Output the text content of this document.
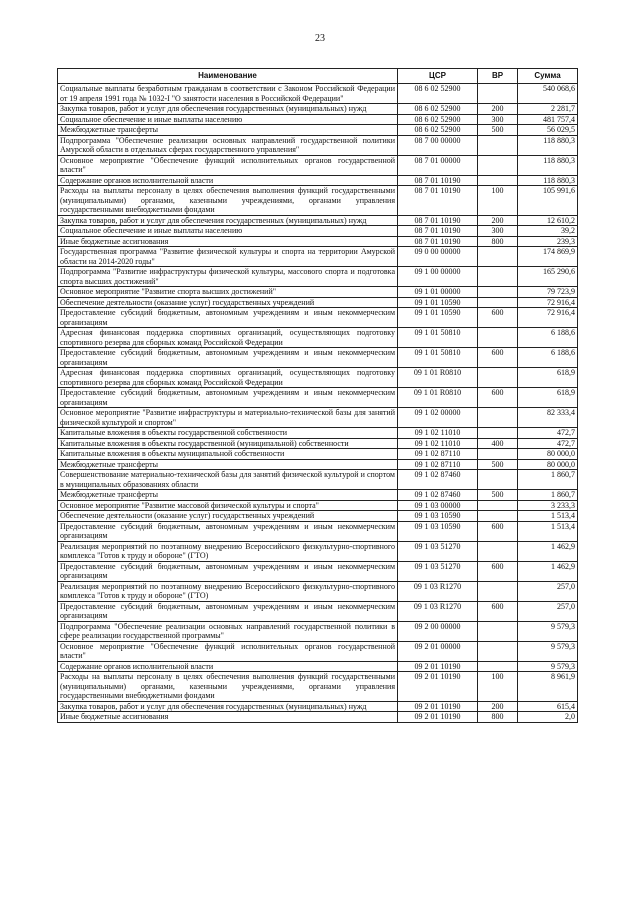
23
Наименование	ЦСР	ВР	Сумма
Социальные выплаты безработным гражданам в соответствии с Законом Российской Федерации от 19 апреля 1991 года № 1032-I "О занятости населения в Российской Федерации"	08 6 02 52900		540 068,6
Закупка товаров, работ и услуг для обеспечения государственных (муниципальных) нужд	08 6 02 52900	200	2 281,7
Социальное обеспечение и иные выплаты населению	08 6 02 52900	300	481 757,4
Межбюджетные трансферты	08 6 02 52900	500	56 029,5
Подпрограмма "Обеспечение реализации основных направлений государственной политики Амурской области в отдельных сферах государственного управления"	08 7 00 00000		118 880,3
Основное мероприятие "Обеспечение функций исполнительных органов государственной власти"	08 7 01 00000		118 880,3
Содержание органов исполнительной власти	08 7 01 10190		118 880,3
Расходы на выплаты персоналу в целях обеспечения выполнения функций государственными (муниципальными) органами, казенными учреждениями, органами управления государственными внебюджетными фондами	08 7 01 10190	100	105 991,6
Закупка товаров, работ и услуг для обеспечения государственных (муниципальных) нужд	08 7 01 10190	200	12 610,2
Социальное обеспечение и иные выплаты населению	08 7 01 10190	300	39,2
Иные бюджетные ассигнования	08 7 01 10190	800	239,3
Государственная программа "Развитие физической культуры и спорта на территории Амурской области на 2014-2020 годы"	09 0 00 00000		174 869,9
Подпрограмма "Развитие инфраструктуры физической культуры, массового спорта и подготовка спорта высших достижений"	09 1 00 00000		165 290,6
Основное мероприятие "Развитие спорта высших достижений"	09 1 01 00000		79 723,9
Обеспечение деятельности (оказание услуг) государственных учреждений	09 1 01 10590		72 916,4
Предоставление субсидий бюджетным, автономным учреждениям и иным некоммерческим организациям	09 1 01 10590	600	72 916,4
Адресная финансовая поддержка спортивных организаций, осуществляющих подготовку спортивного резерва для сборных команд Российской Федерации	09 1 01 50810		6 188,6
Предоставление субсидий бюджетным, автономным учреждениям и иным некоммерческим организациям	09 1 01 50810	600	6 188,6
Адресная финансовая поддержка спортивных организаций, осуществляющих подготовку спортивного резерва для сборных команд Российской Федерации	09 1 01 R0810		618,9
Предоставление субсидий бюджетным, автономным учреждениям и иным некоммерческим организациям	09 1 01 R0810	600	618,9
Основное мероприятие "Развитие инфраструктуры и материально-технической базы для занятий физической культурой и спортом"	09 1 02 00000		82 333,4
Капитальные вложения в объекты государственной собственности	09 1 02 11010		472,7
Капитальные вложения в объекты государственной (муниципальной) собственности	09 1 02 11010	400	472,7
Капитальные вложения в объекты муниципальной собственности	09 1 02 87110		80 000,0
Межбюджетные трансферты	09 1 02 87110	500	80 000,0
Совершенствование материально-технической базы для занятий физической культурой и спортом в муниципальных образованиях области	09 1 02 87460		1 860,7
Межбюджетные трансферты	09 1 02 87460	500	1 860,7
Основное мероприятие "Развитие массовой физической культуры и спорта"	09 1 03 00000		3 233,3
Обеспечение деятельности (оказание услуг) государственных учреждений	09 1 03 10590		1 513,4
Предоставление субсидий бюджетным, автономным учреждениям и иным некоммерческим организациям	09 1 03 10590	600	1 513,4
Реализация мероприятий по поэтапному внедрению Всероссийского физкультурно-спортивного комплекса "Готов к труду и обороне" (ГТО)	09 1 03 51270		1 462,9
Предоставление субсидий бюджетным, автономным учреждениям и иным некоммерческим организациям	09 1 03 51270	600	1 462,9
Реализация мероприятий по поэтапному внедрению Всероссийского физкультурно-спортивного комплекса "Готов к труду и обороне" (ГТО)	09 1 03 R1270		257,0
Предоставление субсидий бюджетным, автономным учреждениям и иным некоммерческим организациям	09 1 03 R1270	600	257,0
Подпрограмма "Обеспечение реализации основных направлений государственной политики в сфере реализации государственной программы"	09 2 00 00000		9 579,3
Основное мероприятие "Обеспечение функций исполнительных органов государственной власти"	09 2 01 00000		9 579,3
Содержание органов исполнительной власти	09 2 01 10190		9 579,3
Расходы на выплаты персоналу в целях обеспечения выполнения функций государственными (муниципальными) органами, казенными учреждениями, органами управления государственными внебюджетными фондами	09 2 01 10190	100	8 961,9
Закупка товаров, работ и услуг для обеспечения государственных (муниципальных) нужд	09 2 01 10190	200	615,4
Иные бюджетные ассигнования	09 2 01 10190	800	2,0
